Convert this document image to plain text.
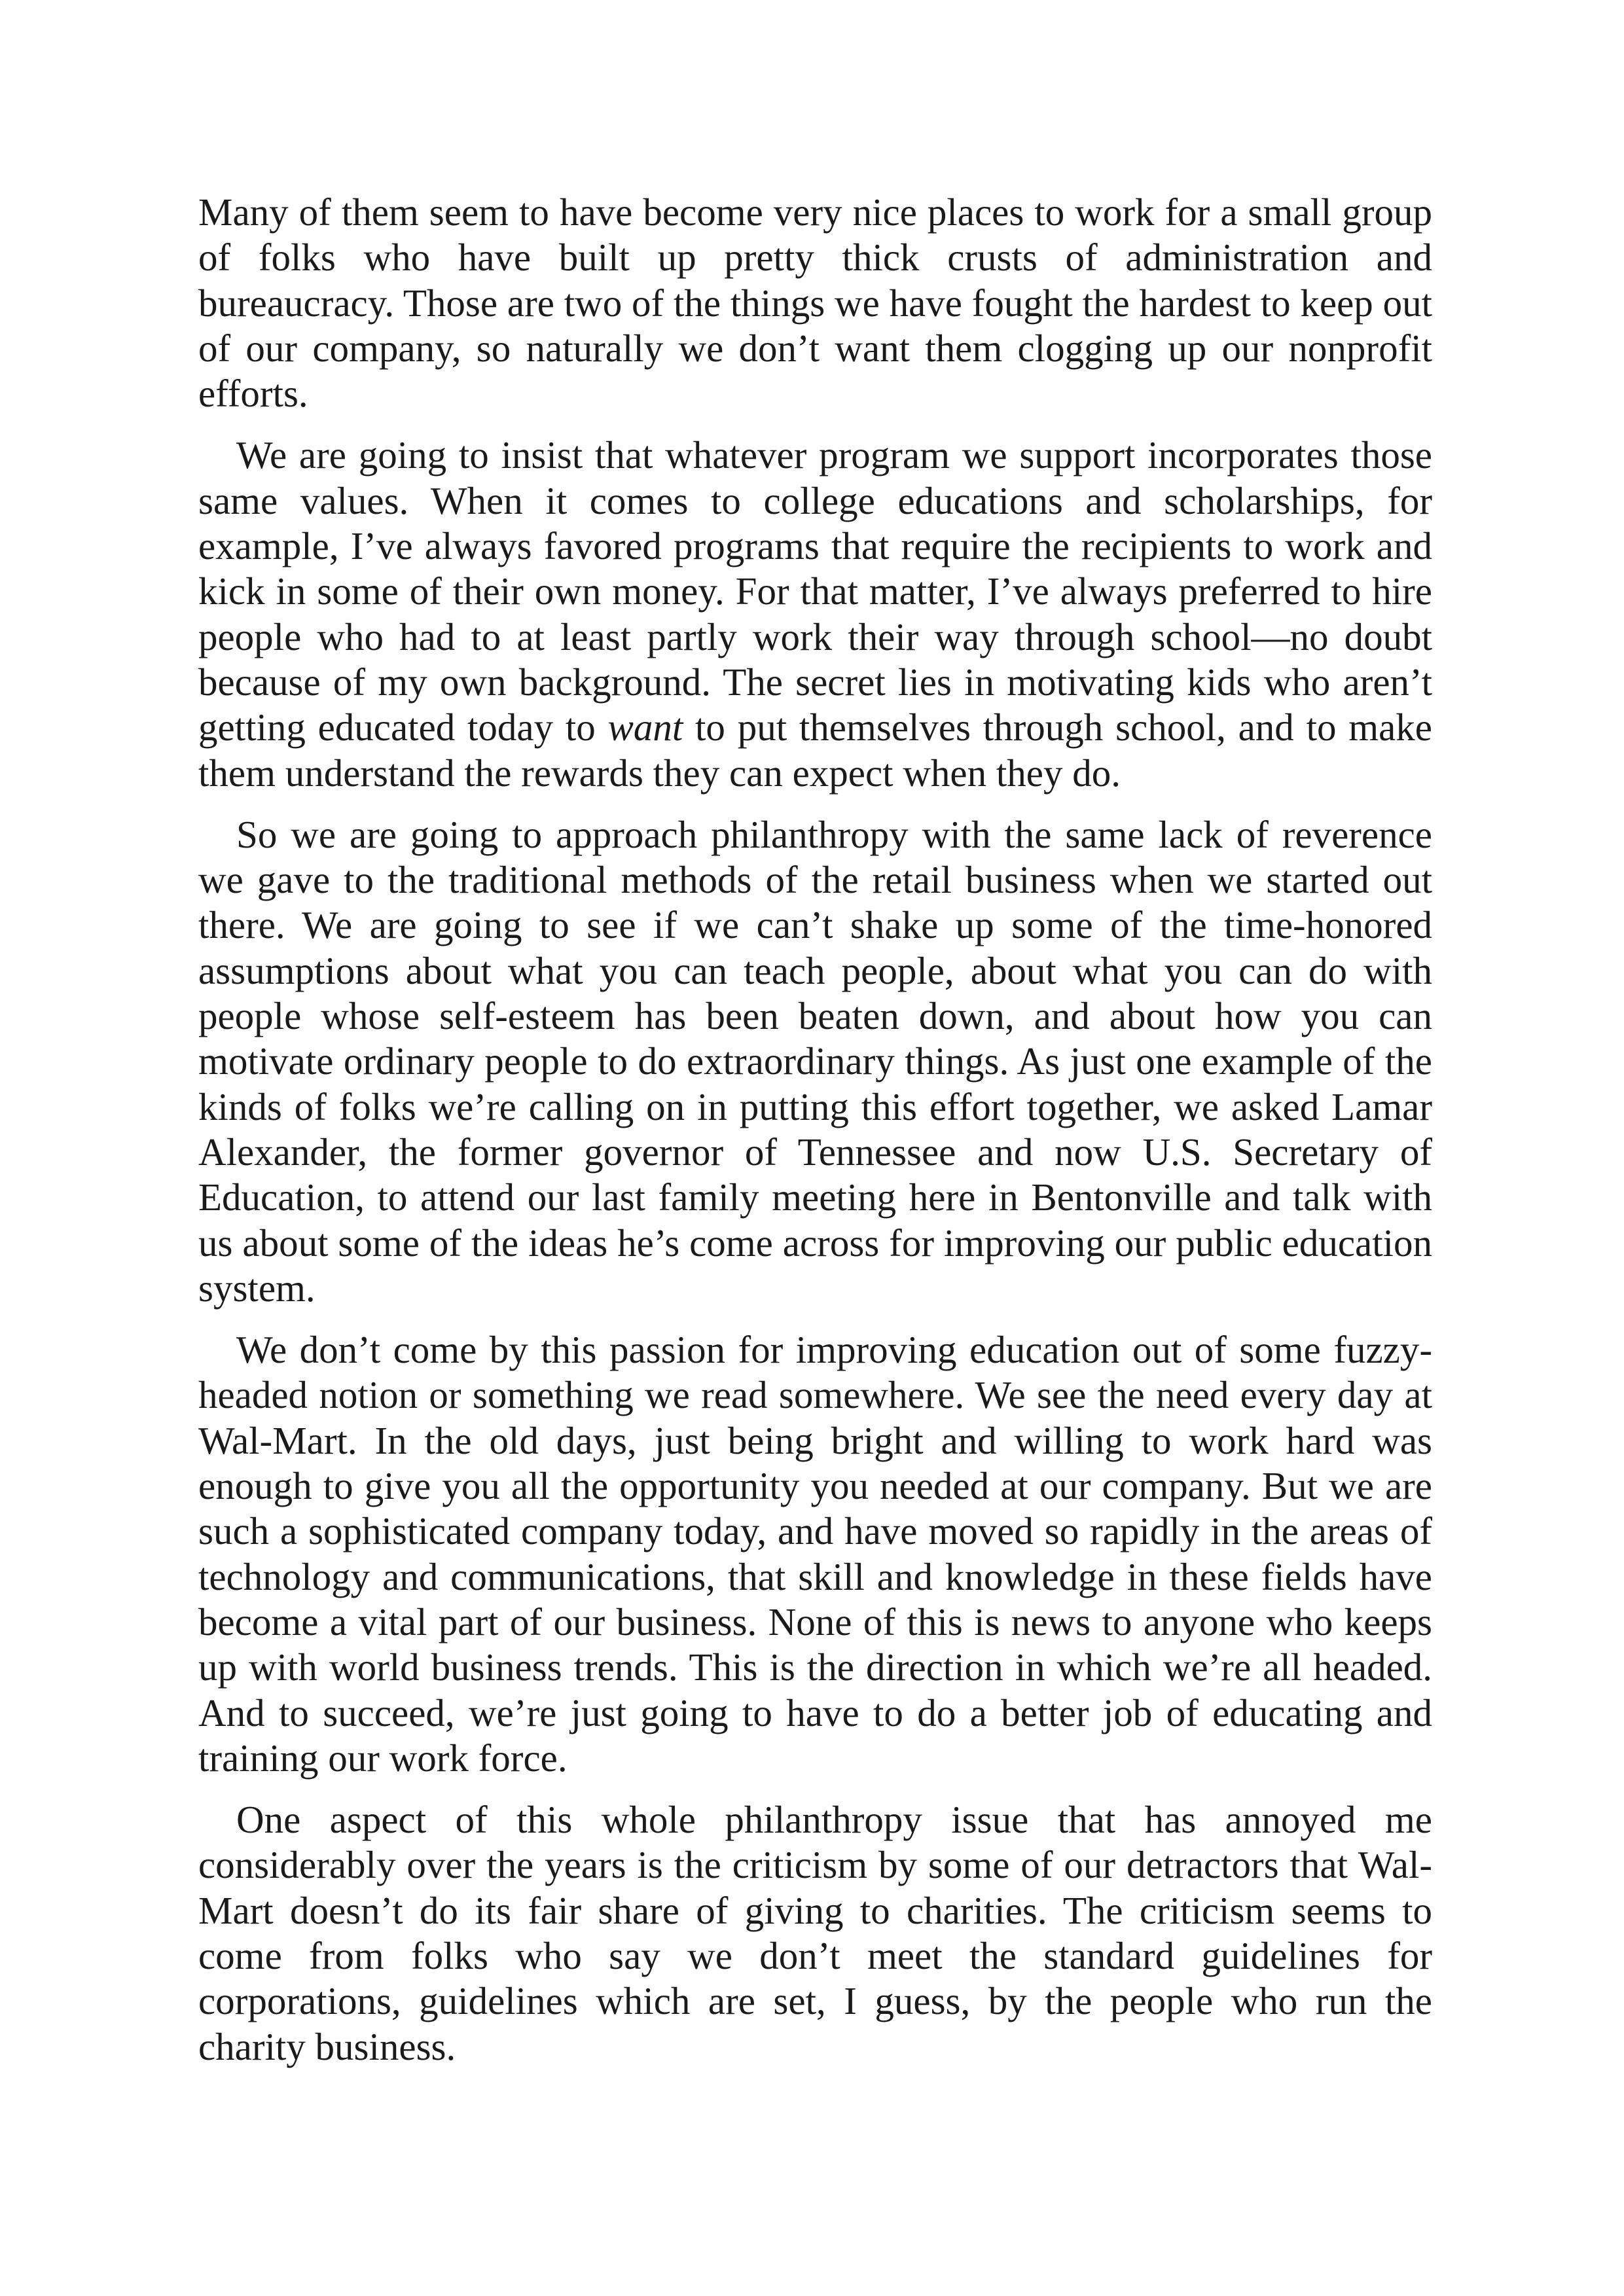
Many of them seem to have become very nice places to work for a small group of folks who have built up pretty thick crusts of administration and bureaucracy. Those are two of the things we have fought the hardest to keep out of our company, so naturally we don’t want them clogging up our nonprofit efforts.

We are going to insist that whatever program we support incorporates those same values. When it comes to college educations and scholarships, for example, I’ve always favored programs that require the recipients to work and kick in some of their own money. For that matter, I’ve always preferred to hire people who had to at least partly work their way through school—no doubt because of my own background. The secret lies in motivating kids who aren’t getting educated today to want to put themselves through school, and to make them understand the rewards they can expect when they do.

So we are going to approach philanthropy with the same lack of reverence we gave to the traditional methods of the retail business when we started out there. We are going to see if we can’t shake up some of the time-honored assumptions about what you can teach people, about what you can do with people whose self-esteem has been beaten down, and about how you can motivate ordinary people to do extraordinary things. As just one example of the kinds of folks we’re calling on in putting this effort together, we asked Lamar Alexander, the former governor of Tennessee and now U.S. Secretary of Education, to attend our last family meeting here in Bentonville and talk with us about some of the ideas he’s come across for improving our public education system.

We don’t come by this passion for improving education out of some fuzzy-headed notion or something we read somewhere. We see the need every day at Wal-Mart. In the old days, just being bright and willing to work hard was enough to give you all the opportunity you needed at our company. But we are such a sophisticated company today, and have moved so rapidly in the areas of technology and communications, that skill and knowledge in these fields have become a vital part of our business. None of this is news to anyone who keeps up with world business trends. This is the direction in which we’re all headed. And to succeed, we’re just going to have to do a better job of educating and training our work force.

One aspect of this whole philanthropy issue that has annoyed me considerably over the years is the criticism by some of our detractors that Wal-Mart doesn’t do its fair share of giving to charities. The criticism seems to come from folks who say we don’t meet the standard guidelines for corporations, guidelines which are set, I guess, by the people who run the charity business.
